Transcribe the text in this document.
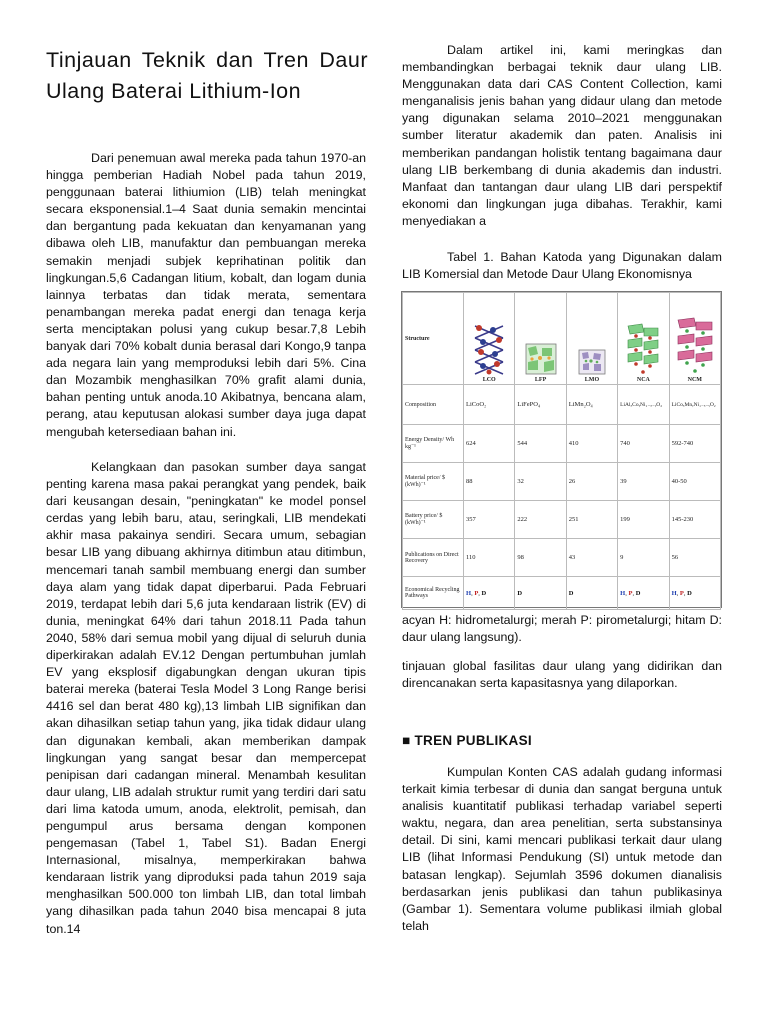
Tinjauan Teknik dan Tren Daur Ulang Baterai Lithium-Ion

Dari penemuan awal mereka pada tahun 1970-an hingga pemberian Hadiah Nobel pada tahun 2019, penggunaan baterai lithiumion (LIB) telah meningkat secara eksponensial.1–4 Saat dunia semakin mencintai dan bergantung pada kekuatan dan kenyamanan yang dibawa oleh LIB, manufaktur dan pembuangan mereka semakin menjadi subjek keprihatinan politik dan lingkungan.5,6 Cadangan litium, kobalt, dan logam dunia lainnya terbatas dan tidak merata, sementara penambangan mereka padat energi dan tenaga kerja serta menciptakan polusi yang cukup besar.7,8 Lebih banyak dari 70% kobalt dunia berasal dari Kongo,9 tanpa ada negara lain yang memproduksi lebih dari 5%. Cina dan Mozambik menghasilkan 70% grafit alami dunia, bahan penting untuk anoda.10 Akibatnya, bencana alam, perang, atau keputusan alokasi sumber daya juga dapat mengubah ketersediaan bahan ini.

Kelangkaan dan pasokan sumber daya sangat penting karena masa pakai perangkat yang pendek, baik dari keusangan desain, "peningkatan" ke model ponsel cerdas yang lebih baru, atau, seringkali, LIB mendekati akhir masa pakainya sendiri. Secara umum, sebagian besar LIB yang dibuang akhirnya ditimbun atau ditimbun, mencemari tanah sambil membuang energi dan sumber daya alam yang tidak dapat diperbarui. Pada Februari 2019, terdapat lebih dari 5,6 juta kendaraan listrik (EV) di dunia, meningkat 64% dari tahun 2018.11 Pada tahun 2040, 58% dari semua mobil yang dijual di seluruh dunia diperkirakan adalah EV.12 Dengan pertumbuhan jumlah EV yang eksplosif digabungkan dengan ukuran tipis baterai mereka (baterai Tesla Model 3 Long Range berisi 4416 sel dan berat 480 kg),13 limbah LIB signifikan dan akan dihasilkan setiap tahun yang, jika tidak didaur ulang dan digunakan kembali, akan memberikan dampak lingkungan yang sangat besar dan mempercepat penipisan dari cadangan mineral. Menambah kesulitan daur ulang, LIB adalah struktur rumit yang terdiri dari satu dari lima katoda umum, anoda, elektrolit, pemisah, dan pengumpul arus bersama dengan komponen pengemasan (Tabel 1, Tabel S1). Badan Energi Internasional, misalnya, memperkirakan bahwa kendaraan listrik yang diproduksi pada tahun 2019 saja menghasilkan 500.000 ton limbah LIB, dan total limbah yang dihasilkan pada tahun 2040 bisa mencapai 8 juta ton.14

Dalam artikel ini, kami meringkas dan membandingkan berbagai teknik daur ulang LIB. Menggunakan data dari CAS Content Collection, kami menganalisis jenis bahan yang didaur ulang dan metode yang digunakan selama 2010–2021 menggunakan sumber literatur akademik dan paten. Analisis ini memberikan pandangan holistik tentang bagaimana daur ulang LIB berkembang di dunia akademis dan industri. Manfaat dan tantangan daur ulang LIB dari perspektif ekonomi dan lingkungan juga dibahas. Terakhir, kami menyediakan a

Tabel 1. Bahan Katoda yang Digunakan dalam LIB Komersial dan Metode Daur Ulang Ekonomisnya

Structure	LCO	LFP	LMO	NCA	NCM
Composition	LiCoO₂	LiFePO₄	LiMn₂O₄	LiAlₓCoᵧNi₁₋ₓ₋ᵧO₂	LiCoₓMnᵧNi₁₋ₓ₋ᵧO₂
Energy Density/ Wh kg⁻¹	624	544	410	740	592-740
Material price/ $ (kWh)⁻¹	88	32	26	39	40-50
Battery price/ $ (kWh)⁻¹	357	222	251	199	145-230
Publications on Direct Recovery	110	98	43	9	56
Economical Recycling Pathways	H, P, D	D	D	H, P, D	H, P, D

acyan H: hidrometalurgi; merah P: pirometalurgi; hitam D: daur ulang langsung).

tinjauan global fasilitas daur ulang yang didirikan dan direncanakan serta kapasitasnya yang dilaporkan.

■ TREN PUBLIKASI

Kumpulan Konten CAS adalah gudang informasi terkait kimia terbesar di dunia dan sangat berguna untuk analisis kuantitatif publikasi terhadap variabel seperti waktu, negara, dan area penelitian, serta substansinya detail. Di sini, kami mencari publikasi terkait daur ulang LIB (lihat Informasi Pendukung (SI) untuk metode dan batasan lengkap). Sejumlah 3596 dokumen dianalisis berdasarkan jenis publikasi dan tahun publikasinya (Gambar 1). Sementara volume publikasi ilmiah global telah
